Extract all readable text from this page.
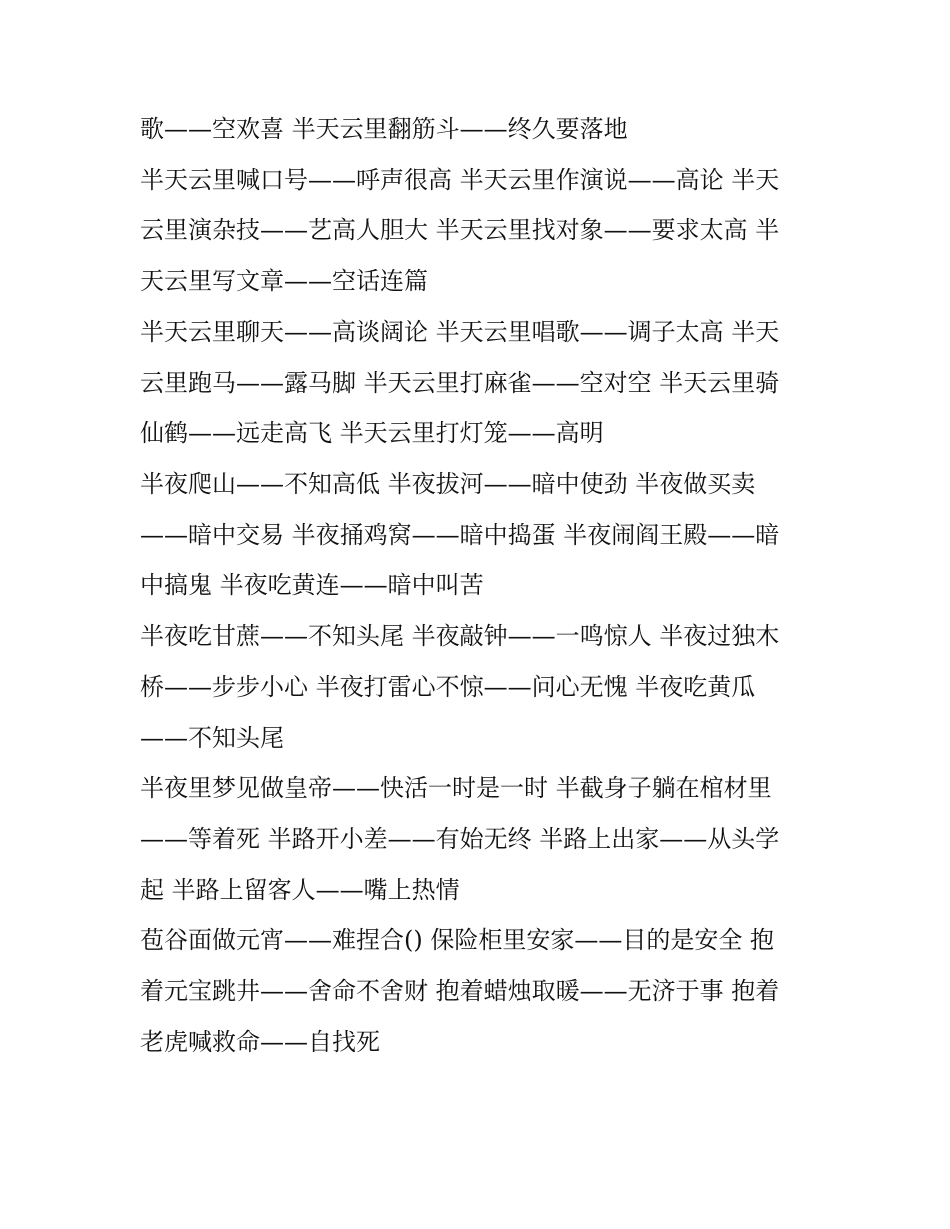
歌——空欢喜 半天云里翻筋斗——终久要落地
半天云里喊口号——呼声很高 半天云里作演说——高论 半天
云里演杂技——艺高人胆大 半天云里找对象——要求太高 半
天云里写文章——空话连篇
半天云里聊天——高谈阔论 半天云里唱歌——调子太高 半天
云里跑马——露马脚 半天云里打麻雀——空对空 半天云里骑
仙鹤——远走高飞 半天云里打灯笼——高明
半夜爬山——不知高低 半夜拔河——暗中使劲 半夜做买卖
——暗中交易 半夜捅鸡窝——暗中捣蛋 半夜闹阎王殿——暗
中搞鬼 半夜吃黄连——暗中叫苦
半夜吃甘蔗——不知头尾 半夜敲钟——一鸣惊人 半夜过独木
桥——步步小心 半夜打雷心不惊——问心无愧 半夜吃黄瓜
——不知头尾
半夜里梦见做皇帝——快活一时是一时 半截身子躺在棺材里
——等着死 半路开小差——有始无终 半路上出家——从头学
起 半路上留客人——嘴上热情
苞谷面做元宵——难捏合() 保险柜里安家——目的是安全 抱
着元宝跳井——舍命不舍财 抱着蜡烛取暖——无济于事 抱着
老虎喊救命——自找死
